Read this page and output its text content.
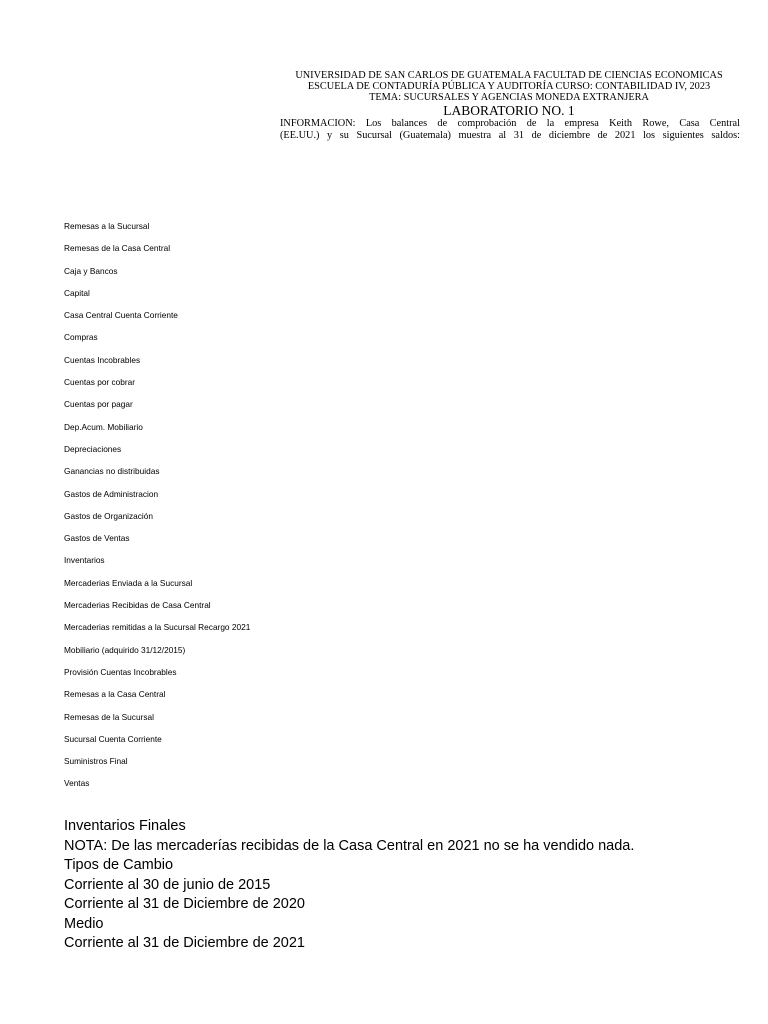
UNIVERSIDAD DE SAN CARLOS DE GUATEMALA FACULTAD DE CIENCIAS ECONOMICAS
ESCUELA DE CONTADURÍA PÚBLICA Y AUDITORÍA CURSO: CONTABILIDAD IV, 2023
TEMA: SUCURSALES Y AGENCIAS MONEDA EXTRANJERA
LABORATORIO NO. 1
INFORMACION: Los balances de comprobación de la empresa Keith Rowe, Casa Central
(EE.UU.) y su Sucursal (Guatemala) muestra al 31 de diciembre de 2021 los siguientes saldos:
Remesas a la Sucursal
Remesas de la Casa Central
Caja y Bancos
Capital
Casa Central Cuenta Corriente
Compras
Cuentas Incobrables
Cuentas por cobrar
Cuentas por pagar
Dep.Acum. Mobiliario
Depreciaciones
Ganancias no distribuidas
Gastos de Administracion
Gastos de Organización
Gastos de Ventas
Inventarios
Mercaderias Enviada a la Sucursal
Mercaderias Recibidas de Casa Central
Mercaderias remitidas a la Sucursal Recargo 2021
Mobiliario (adquirido 31/12/2015)
Provisión Cuentas Incobrables
Remesas a la Casa Central
Remesas de la Sucursal
Sucursal Cuenta Corriente
Suministros Final
Ventas
Inventarios Finales
NOTA: De las mercaderías recibidas de la Casa Central en 2021 no se ha vendido nada.
Tipos de Cambio
Corriente al 30 de junio de 2015
Corriente al 31 de Diciembre de 2020
Medio
Corriente al 31 de Diciembre de 2021
